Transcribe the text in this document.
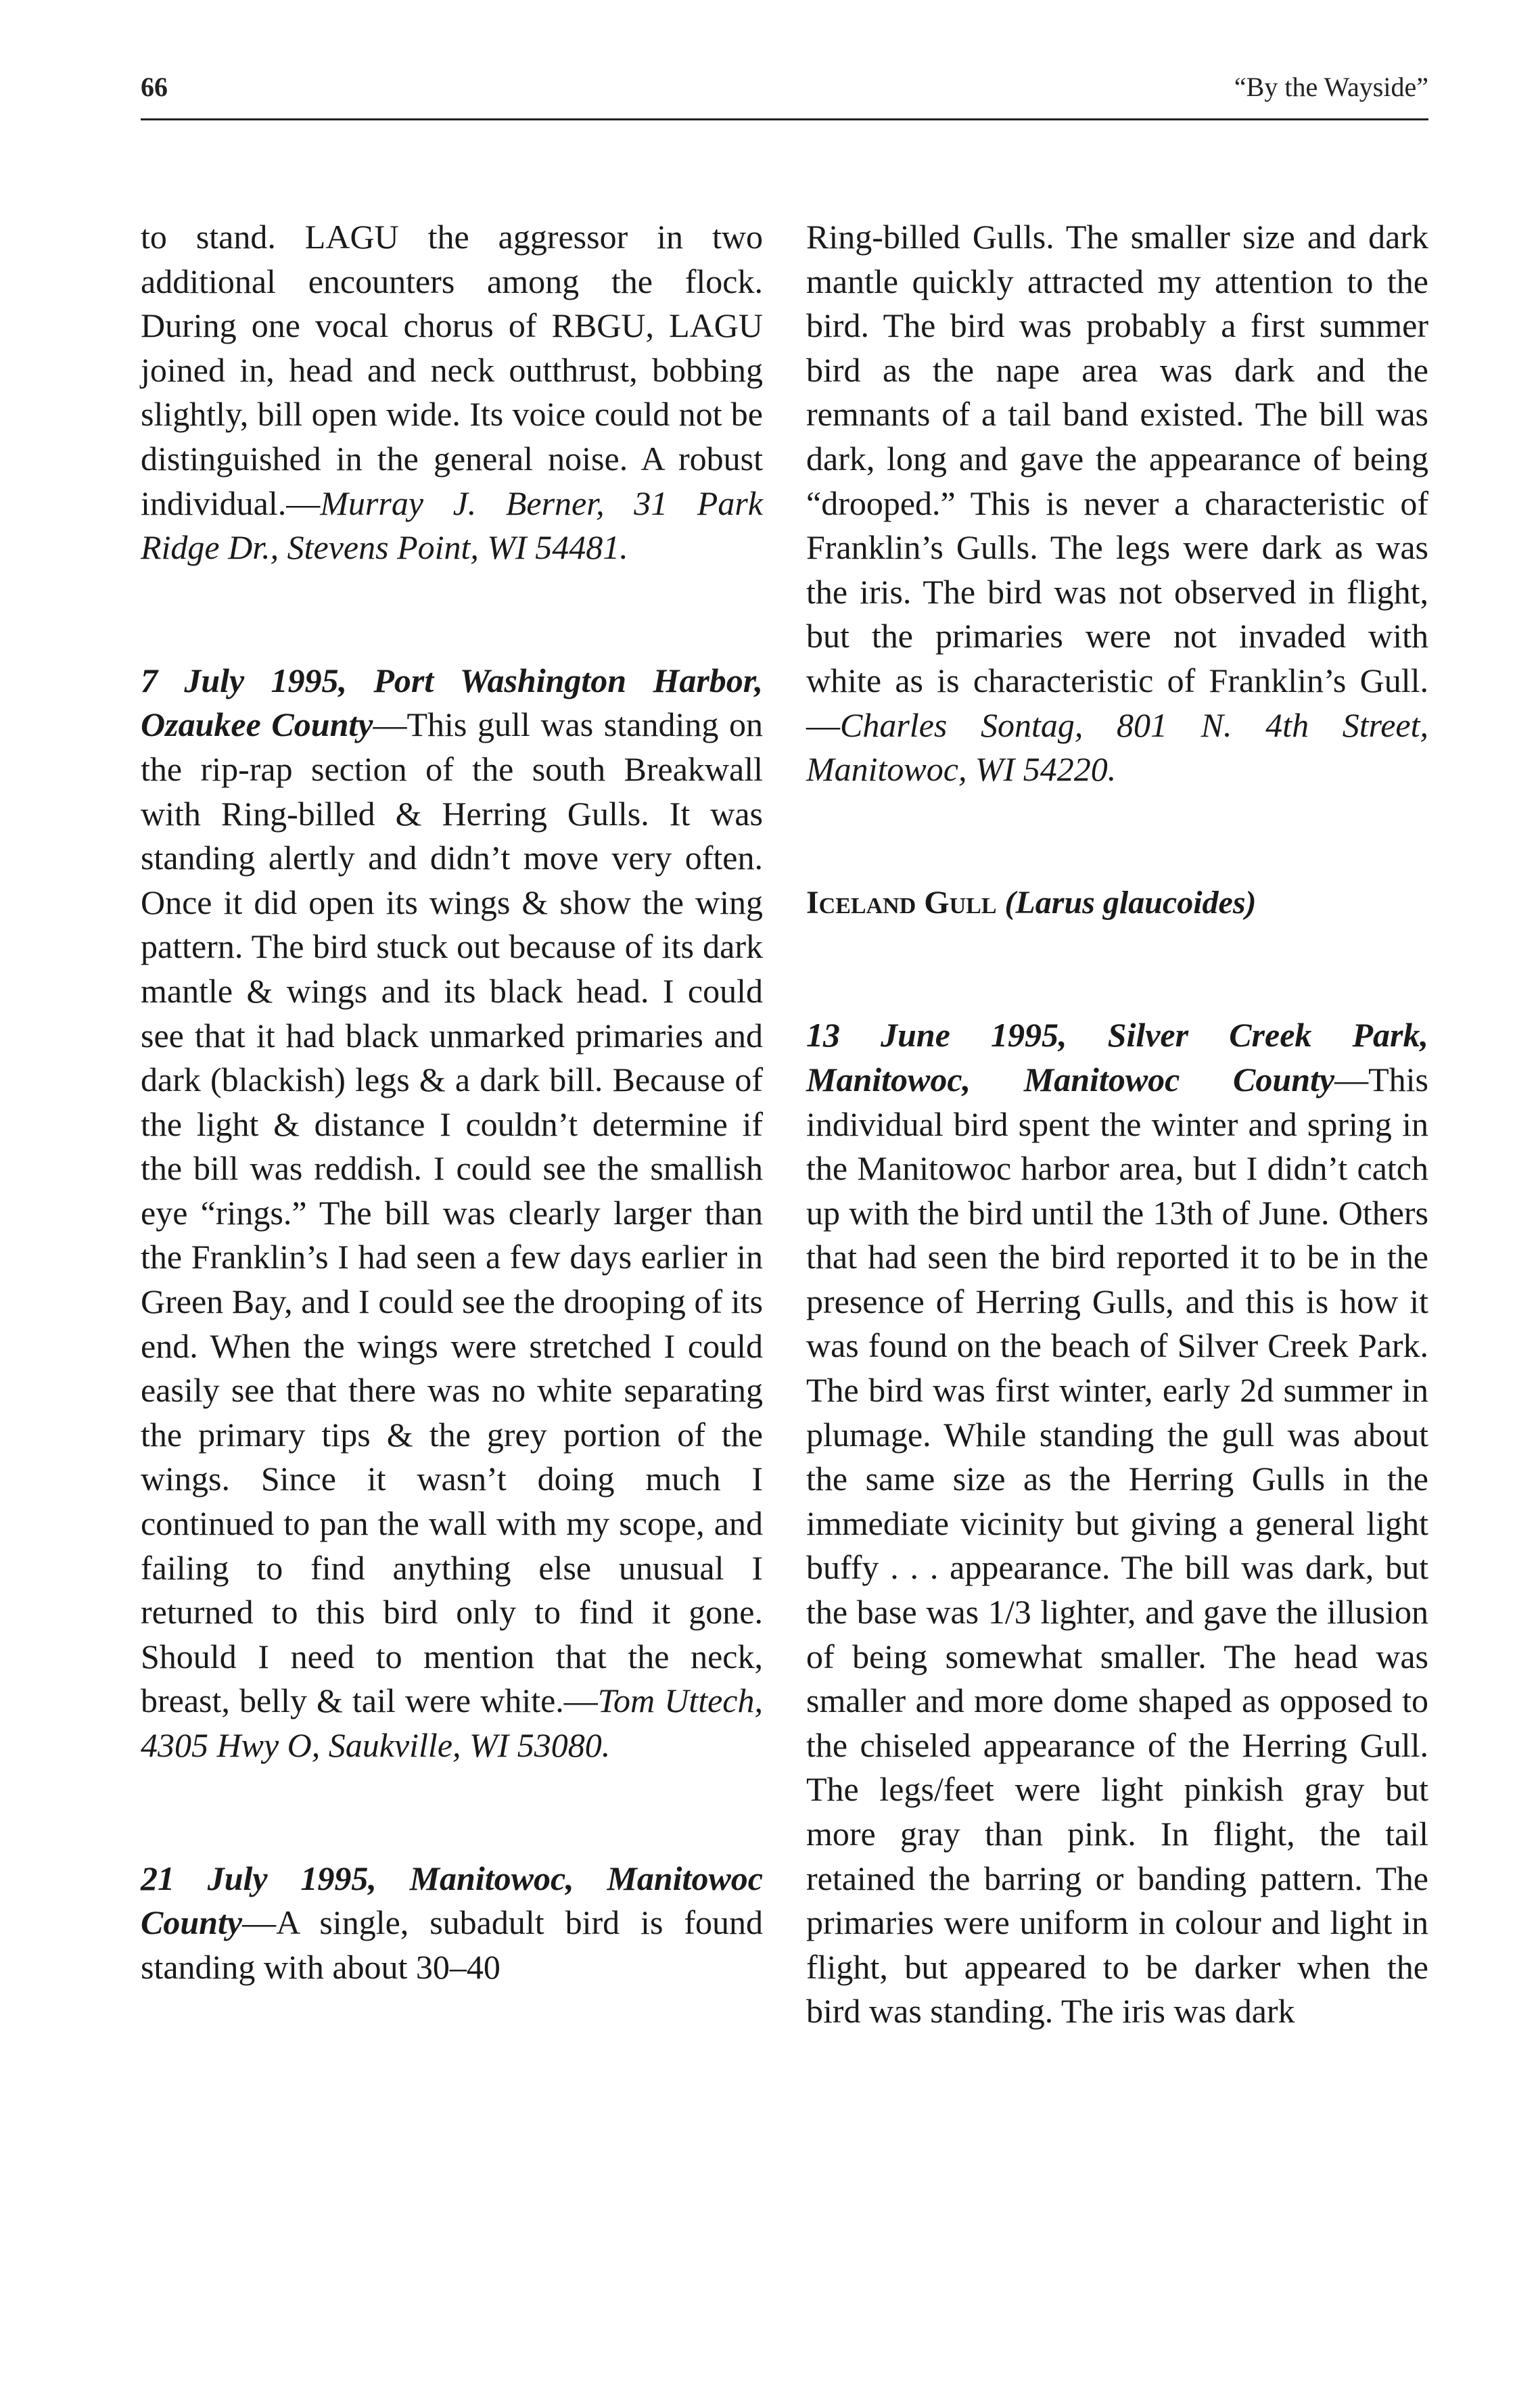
66	“By the Wayside”

to stand. LAGU the aggressor in two additional encounters among the flock. During one vocal chorus of RBGU, LAGU joined in, head and neck outthrust, bobbing slightly, bill open wide. Its voice could not be distinguished in the general noise. A robust individual.—Murray J. Berner, 31 Park Ridge Dr., Stevens Point, WI 54481.

7 July 1995, Port Washington Harbor, Ozaukee County—This gull was standing on the rip-rap section of the south Breakwall with Ring-billed & Herring Gulls. It was standing alertly and didn’t move very often. Once it did open its wings & show the wing pattern. The bird stuck out because of its dark mantle & wings and its black head. I could see that it had black unmarked primaries and dark (blackish) legs & a dark bill. Because of the light & distance I couldn’t determine if the bill was reddish. I could see the smallish eye “rings.” The bill was clearly larger than the Franklin’s I had seen a few days earlier in Green Bay, and I could see the drooping of its end. When the wings were stretched I could easily see that there was no white separating the primary tips & the grey portion of the wings. Since it wasn’t doing much I continued to pan the wall with my scope, and failing to find anything else unusual I returned to this bird only to find it gone. Should I need to mention that the neck, breast, belly & tail were white.—Tom Uttech, 4305 Hwy O, Saukville, WI 53080.

21 July 1995, Manitowoc, Manitowoc County—A single, subadult bird is found standing with about 30–40

Ring-billed Gulls. The smaller size and dark mantle quickly attracted my attention to the bird. The bird was probably a first summer bird as the nape area was dark and the remnants of a tail band existed. The bill was dark, long and gave the appearance of being “drooped.” This is never a characteristic of Franklin’s Gulls. The legs were dark as was the iris. The bird was not observed in flight, but the primaries were not invaded with white as is characteristic of Franklin’s Gull.—Charles Sontag, 801 N. 4th Street, Manitowoc, WI 54220.

Iceland Gull (Larus glaucoides)

13 June 1995, Silver Creek Park, Manitowoc, Manitowoc County—This individual bird spent the winter and spring in the Manitowoc harbor area, but I didn’t catch up with the bird until the 13th of June. Others that had seen the bird reported it to be in the presence of Herring Gulls, and this is how it was found on the beach of Silver Creek Park. The bird was first winter, early 2d summer in plumage. While standing the gull was about the same size as the Herring Gulls in the immediate vicinity but giving a general light buffy . . . appearance. The bill was dark, but the base was 1/3 lighter, and gave the illusion of being somewhat smaller. The head was smaller and more dome shaped as opposed to the chiseled appearance of the Herring Gull. The legs/feet were light pinkish gray but more gray than pink. In flight, the tail retained the barring or banding pattern. The primaries were uniform in colour and light in flight, but appeared to be darker when the bird was standing. The iris was dark
